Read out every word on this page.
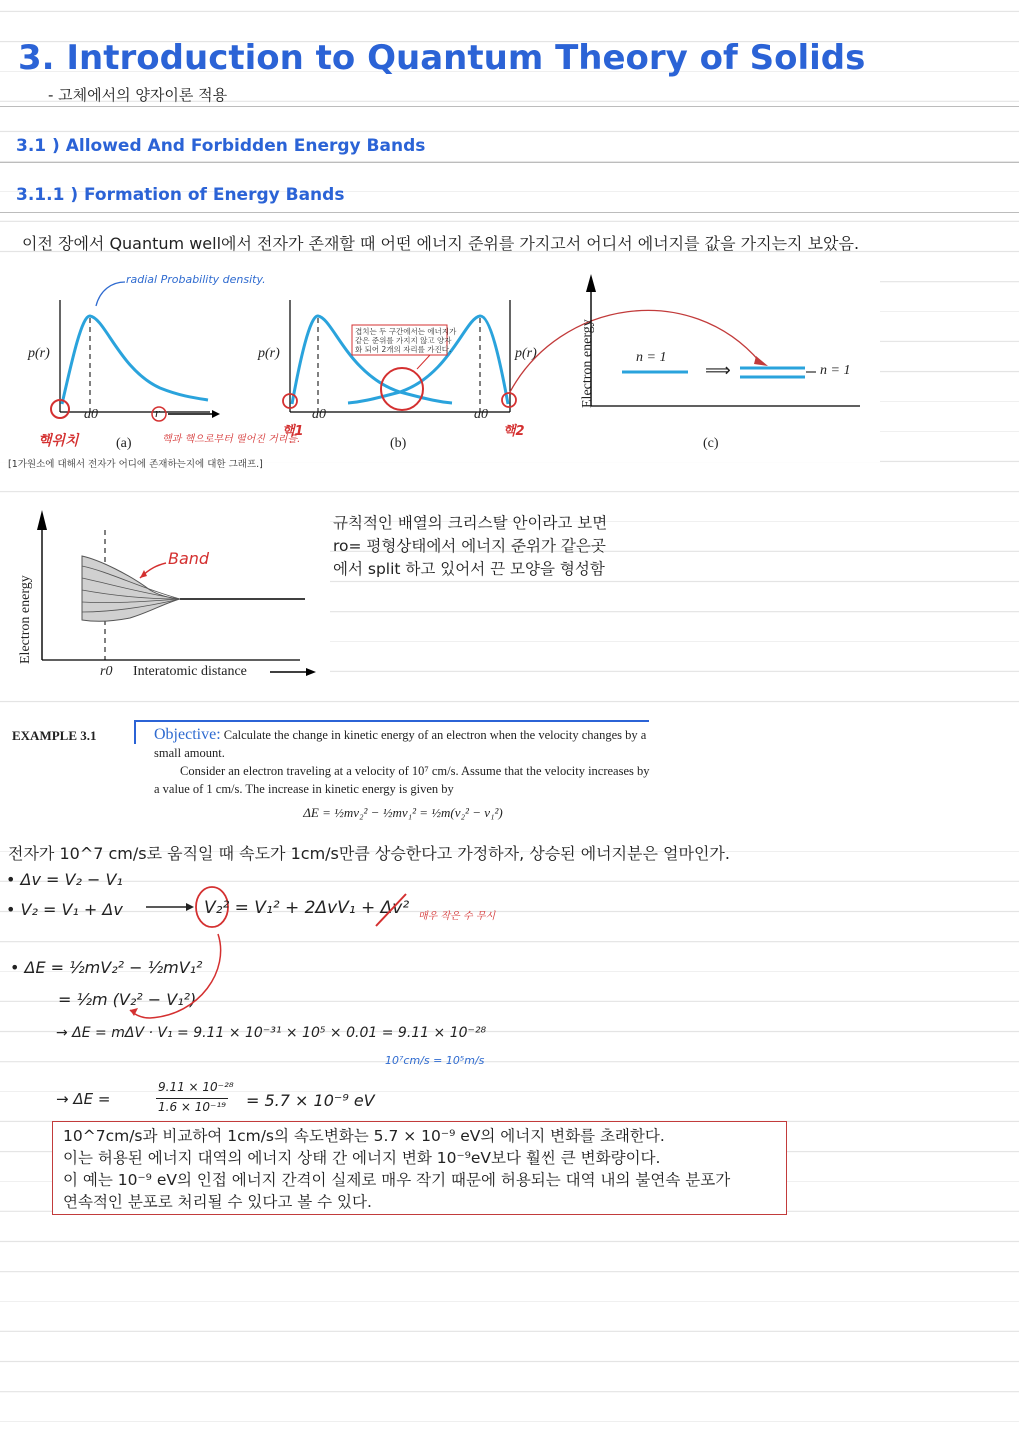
3. Introduction to Quantum Theory of Solids
- 고체에서의 양자이론 적용
3.1 ) Allowed And Forbidden Energy Bands
3.1.1 ) Formation of Energy Bands
이전 장에서 Quantum well에서 전자가 존재할 때 어떤 에너지 준위를 가지고서 어디서 에너지를 값을 가지는지 보았음.
p(r)
a0	r
(a)
p(r)
a0	a0
(b)
p(r)
(c)
Electron energy	n = 1
⟹	n = 1
radial Probability density.
핵위치	핵과 핵으로부터 떨어진 거리를.
핵1	핵2
겹치는 두 구간에서는 에너지가
같은 준위를 가지지 않고 양자
화 되어 2개의 자리를 가진다.
[1가원소에 대해서 전자가 어디에 존재하는지에 대한 그래프.]
Electron energy
r0 Interatomic distance
Band
규칙적인 배열의 크리스탈 안이라고 보면
ro= 평형상태에서 에너지 준위가 같은곳
에서 split 하고 있어서 끈 모양을 형성함
EXAMPLE 3.1	Objective: Calculate the change in kinetic energy of an electron when the velocity changes by a small amount.
Consider an electron traveling at a velocity of 10⁷ cm/s. Assume that the velocity increases by a value of 1 cm/s. The increase in kinetic energy is given by
ΔE = ½mv₂² − ½mv₁² = ½m(v₂² − v₁²)
전자가 10^7 cm/s로 움직일 때 속도가 1cm/s만큼 상승한다고 가정하자, 상승된 에너지분은 얼마인가.
• Δv = V₂ − V₁
• V₂ = V₁ + Δv	V₂² = V₁² + 2ΔvV₁ + Δv² 매우 작은 수 무시
• ΔE = ½mV₂² − ½mV₁²
= ½m (V₂² − V₁²)
→ ΔE = mΔV · V₁ = 9.11 × 10⁻³¹ × 10⁵ × 0.01 = 9.11 × 10⁻²⁸
10⁷cm/s = 10⁵m/s
→ ΔE =
9.11 × 10⁻²⁸
1.6 × 10⁻¹⁹ = 5.7 × 10⁻⁹ eV

10^7cm/s과 비교하여 1cm/s의 속도변화는 5.7 × 10⁻⁹ eV의 에너지 변화를 초래한다.

이는 허용된 에너지 대역의 에너지 상태 간 에너지 변화 10⁻⁹eV보다 훨씬 큰 변화량이다.

이 예는 10⁻⁹ eV의 인접 에너지 간격이 실제로 매우 작기 때문에 허용되는 대역 내의 불연속 분포가

연속적인 분포로 처리될 수 있다고 볼 수 있다.
